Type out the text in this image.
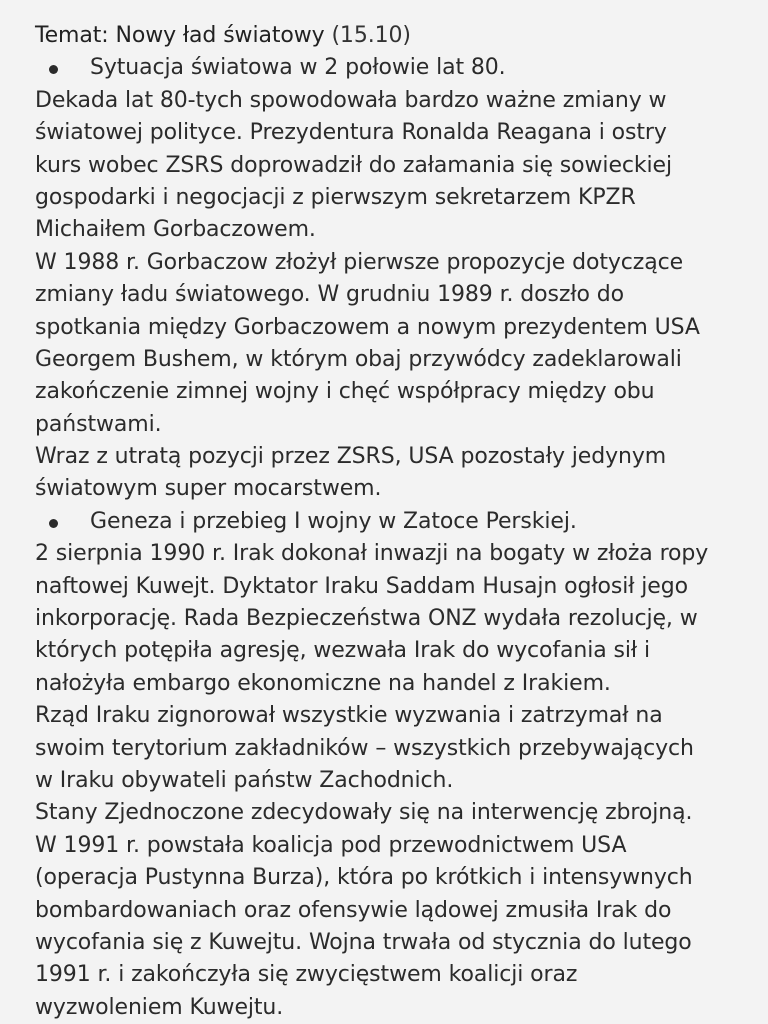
Temat: Nowy ład światowy (15.10)
Sytuacja światowa w 2 połowie lat 80.
Dekada lat 80-tych spowodowała bardzo ważne zmiany w
światowej polityce. Prezydentura Ronalda Reagana i ostry
kurs wobec ZSRS doprowadził do załamania się sowieckiej
gospodarki i negocjacji z pierwszym sekretarzem KPZR
Michaiłem Gorbaczowem.
W 1988 r. Gorbaczow złożył pierwsze propozycje dotyczące
zmiany ładu światowego. W grudniu 1989 r. doszło do
spotkania między Gorbaczowem a nowym prezydentem USA
Georgem Bushem, w którym obaj przywódcy zadeklarowali
zakończenie zimnej wojny i chęć współpracy między obu
państwami.
Wraz z utratą pozycji przez ZSRS, USA pozostały jedynym
światowym super mocarstwem.
Geneza i przebieg I wojny w Zatoce Perskiej.
2 sierpnia 1990 r. Irak dokonał inwazji na bogaty w złoża ropy
naftowej Kuwejt. Dyktator Iraku Saddam Husajn ogłosił jego
inkorporację. Rada Bezpieczeństwa ONZ wydała rezolucję, w
których potępiła agresję, wezwała Irak do wycofania sił i
nałożyła embargo ekonomiczne na handel z Irakiem.
Rząd Iraku zignorował wszystkie wyzwania i zatrzymał na
swoim terytorium zakładników – wszystkich przebywających
w Iraku obywateli państw Zachodnich.
Stany Zjednoczone zdecydowały się na interwencję zbrojną.
W 1991 r. powstała koalicja pod przewodnictwem USA
(operacja Pustynna Burza), która po krótkich i intensywnych
bombardowaniach oraz ofensywie lądowej zmusiła Irak do
wycofania się z Kuwejtu. Wojna trwała od stycznia do lutego
1991 r. i zakończyła się zwycięstwem koalicji oraz
wyzwoleniem Kuwejtu.
